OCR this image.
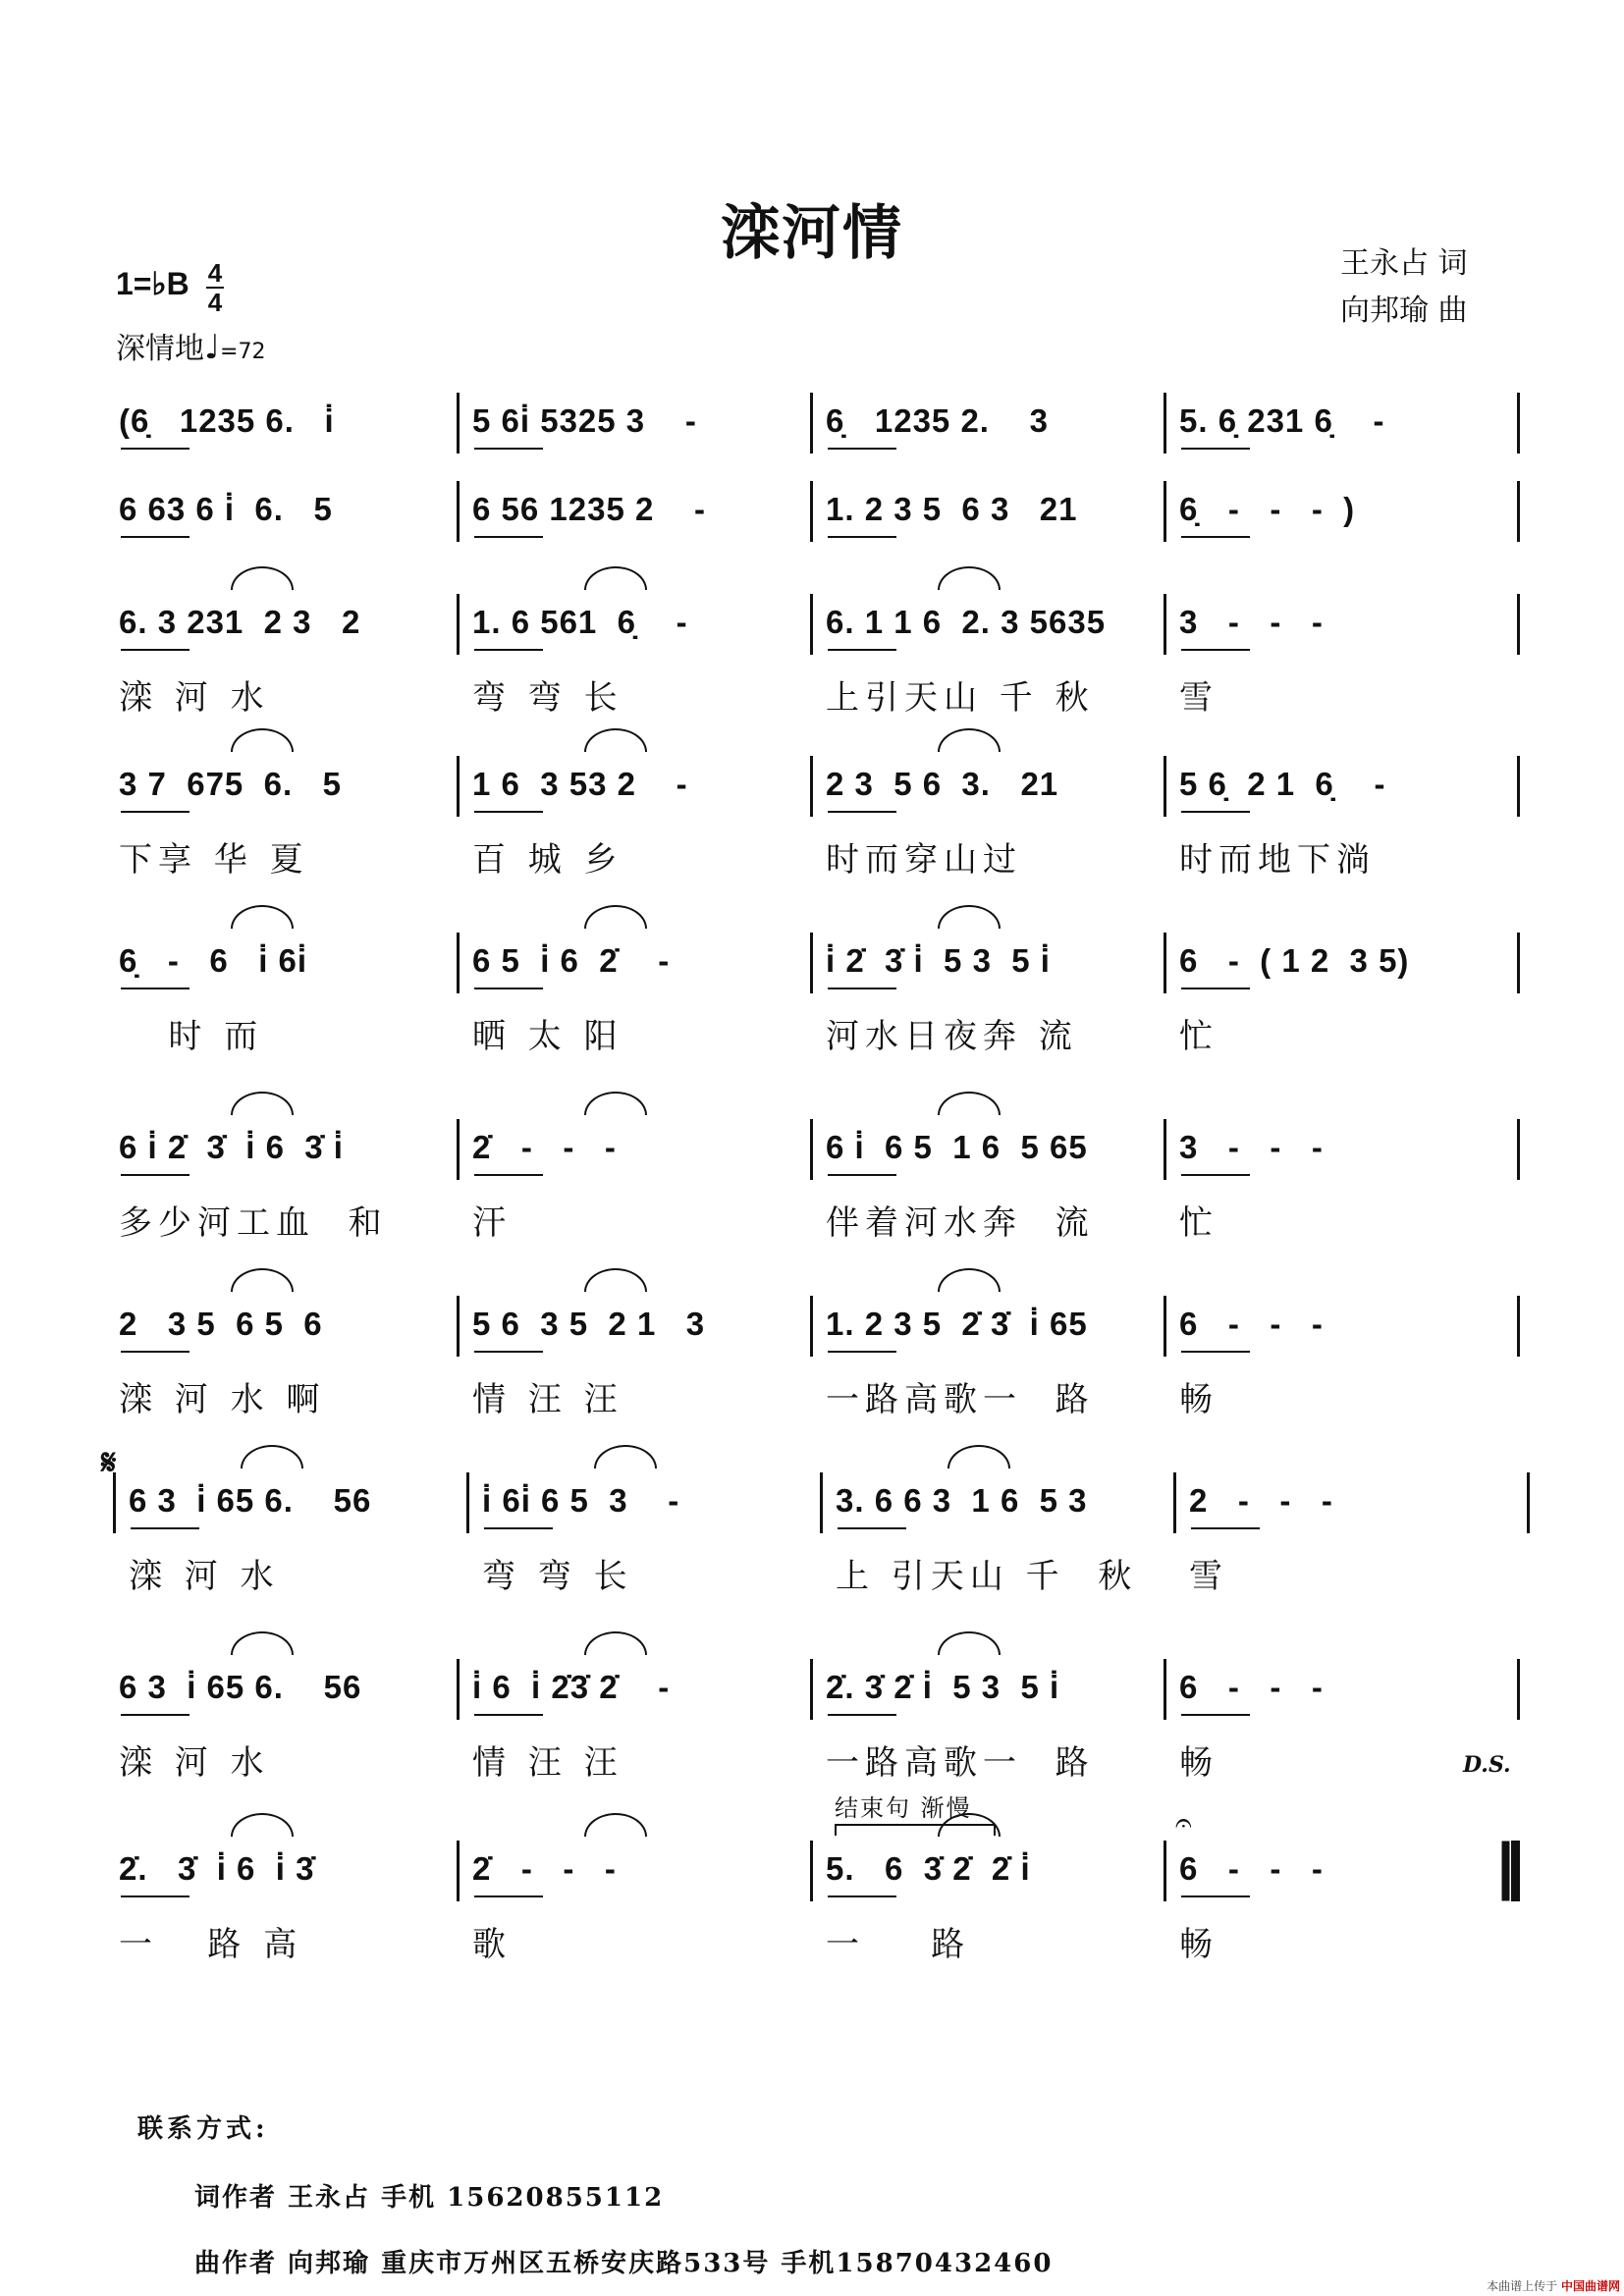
滦河情	王永占 词
向邦瑜 曲
1=♭B 4
4
深情地♩=72
(6̣   1235 6.   i̇	5 6i̇ 5325 3    -	6̣   1235 2.    3	5. 6̣ 231 6̣    -
6 63 6 i̇  6.   5	6 56 1235 2    -	1. 2 3 5  6 3   21	6̣   -   -   -  )
6. 3 231  2 3   2
滦 河 水
1. 6 561  6̣    -
弯 弯 长
6. 1 1 6  2. 3 5635
上引天山 千 秋
3   -   -   -
雪
3 7  675  6.   5
下享 华 夏
1 6  3 53 2    -
百 城 乡
2 3  5 6  3.   21
时而穿山过
5 6̣  2 1  6̣    -
时而地下淌
6̣   -   6   i̇ 6i̇
时 而
6 5  i̇ 6  2̇    -
晒 太 阳
i̇ 2̇  3̇ i̇  5 3  5 i̇
河水日夜奔 流
6   -  ( 1 2  3 5)
忙
6 i̇ 2̇  3̇  i̇ 6  3̇ i̇
多少河工血  和
2̇   -   -   -
汗
6 i̇  6 5  1 6  5 65
伴着河水奔  流
3   -   -   -
忙
2   3 5  6 5  6
滦 河 水 啊
5 6  3 5  2 1   3
情 汪 汪
1. 2 3 5  2̇ 3̇  i̇ 65
一路高歌一  路
6   -   -   -
畅
6 3  i̇ 65 6.    56
滦 河 水
i̇ 6i̇ 6 5  3    -
弯 弯 长
3. 6 6 3  1 6  5 3
上 引天山 千  秋
2   -   -   -
雪
6 3  i̇ 65 6.    56
滦 河 水
i̇ 6  i̇ 2̇3̇ 2̇    -
情 汪 汪
2̇. 3̇ 2̇ i̇  5 3  5 i̇
一路高歌一  路
6   -   -   -
畅
2̇.   3̇  i̇ 6  i̇ 3̇
一   路 高
2̇   -   -   -
歌
5.   6  3̇ 2̇  2̇ i̇
一    路
6   -   -   -
畅
𝄋
D.S.
结束句 渐慢	𝄐
联系方式:
词作者 王永占 手机 15620855112
曲作者 向邦瑜 重庆市万州区五桥安庆路533号 手机15870432460
本曲谱上传于 中国曲谱网
